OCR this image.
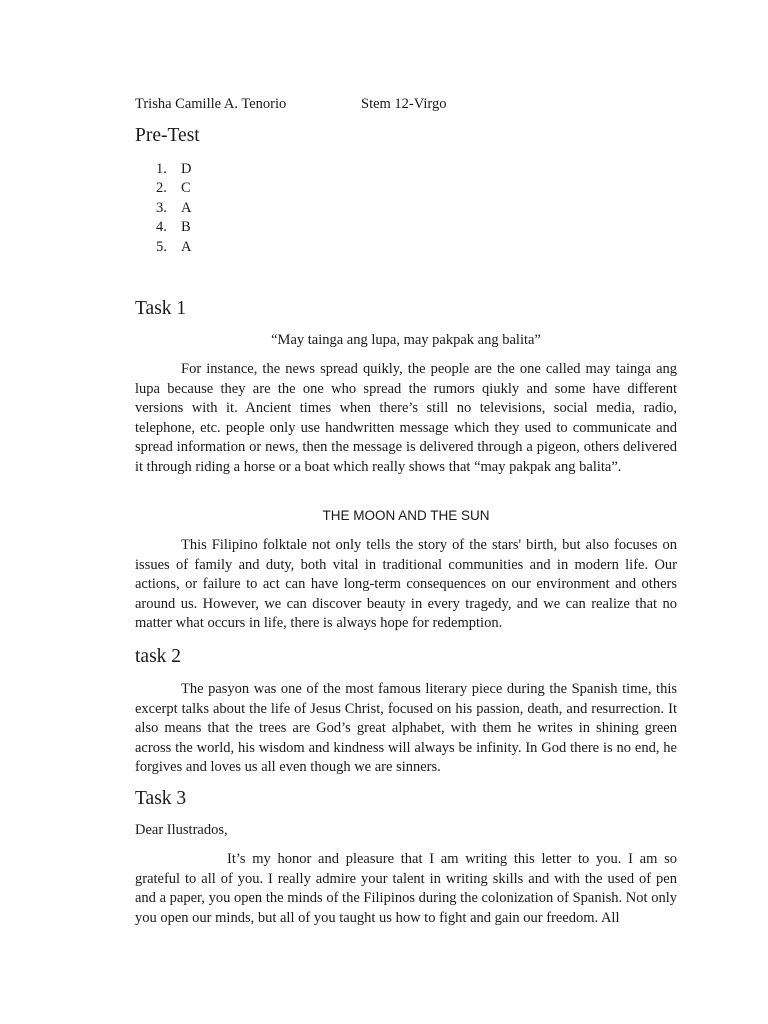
Trisha Camille A. Tenorio	Stem 12-Virgo
Pre-Test
1. D
2. C
3. A
4. B
5. A
Task 1
“May tainga ang lupa, may pakpak ang balita”
For instance, the news spread quikly, the people are the one called may tainga ang lupa because they are the one who spread the rumors qiukly and some have different versions with it. Ancient times when there’s still no televisions, social media, radio, telephone, etc. people only use handwritten message which they used to communicate and spread information or news, then the message is delivered through a pigeon, others delivered it through riding a horse or a boat which really shows that “may pakpak ang balita”.
THE MOON AND THE SUN
This Filipino folktale not only tells the story of the stars' birth, but also focuses on issues of family and duty, both vital in traditional communities and in modern life. Our actions, or failure to act can have long-term consequences on our environment and others around us. However, we can discover beauty in every tragedy, and we can realize that no matter what occurs in life, there is always hope for redemption.
task 2
The pasyon was one of the most famous literary piece during the Spanish time, this excerpt talks about the life of Jesus Christ, focused on his passion, death, and resurrection. It also means that the trees are God’s great alphabet, with them he writes in shining green across the world, his wisdom and kindness will always be infinity. In God there is no end, he forgives and loves us all even though we are sinners.
Task 3
Dear Ilustrados,
It’s my honor and pleasure that I am writing this letter to you. I am so grateful to all of you. I really admire your talent in writing skills and with the used of pen and a paper, you open the minds of the Filipinos during the colonization of Spanish. Not only you open our minds, but all of you taught us how to fight and gain our freedom. All
